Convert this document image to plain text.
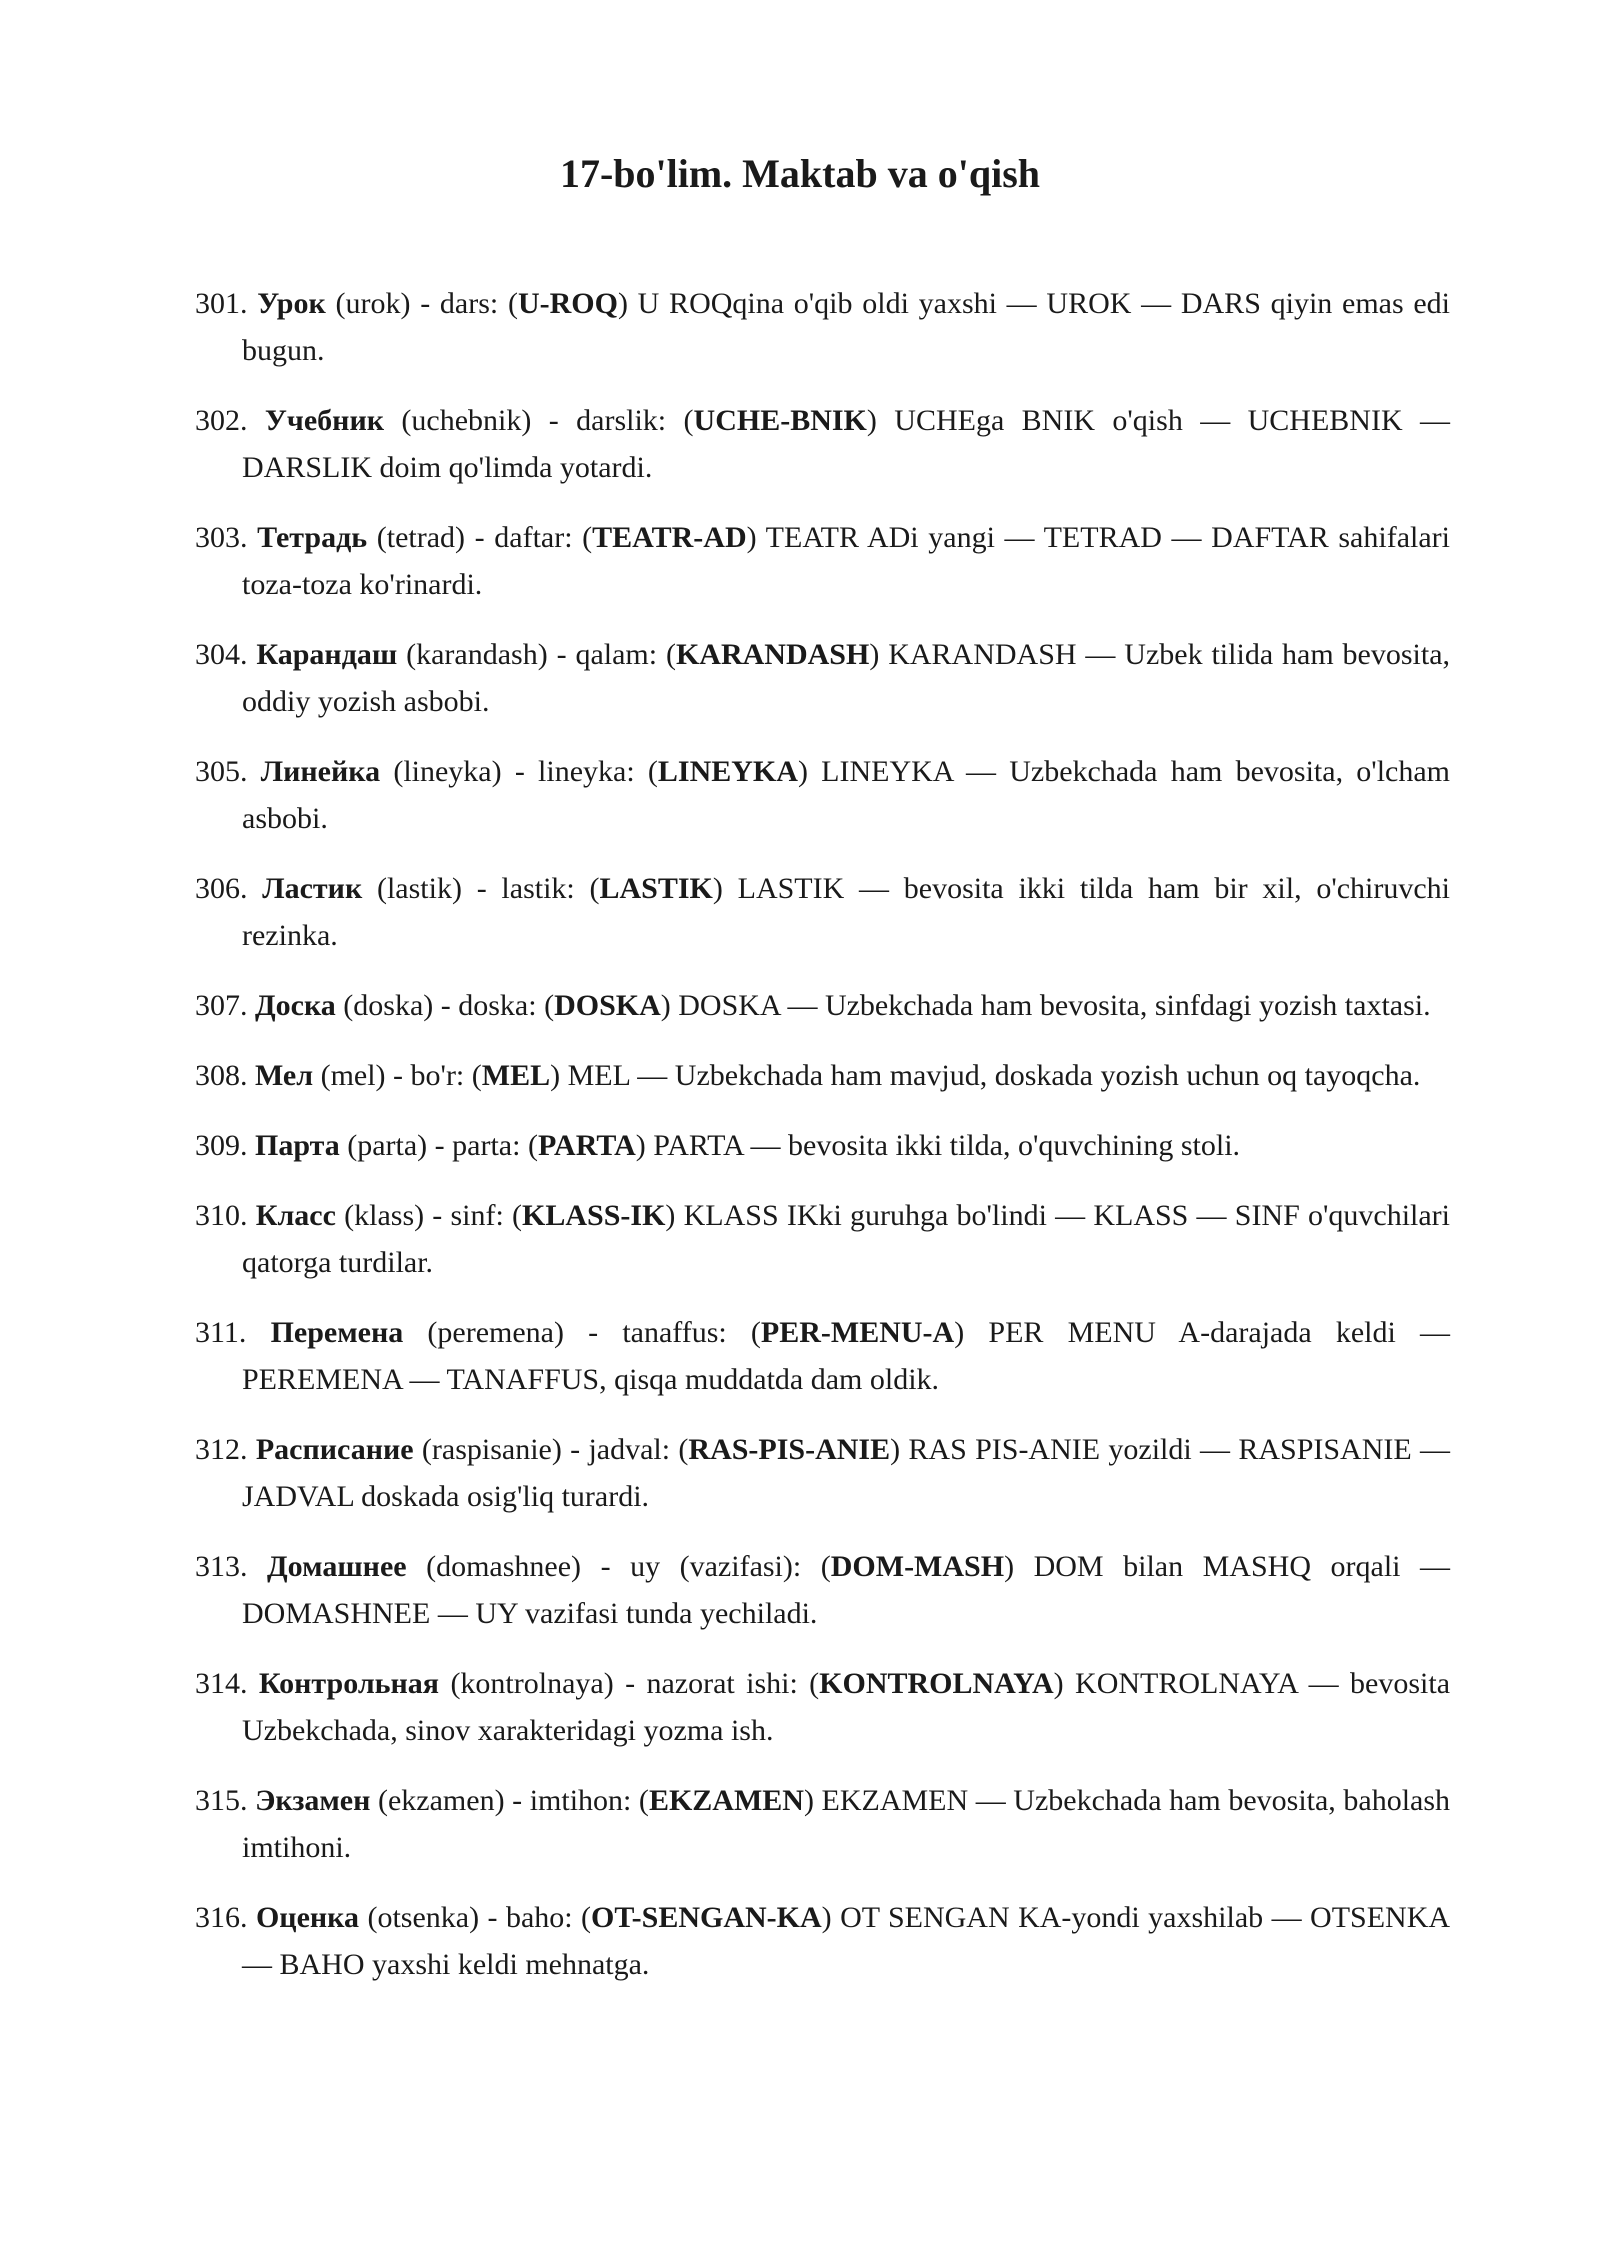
17-bo'lim. Maktab va o'qish

301. Урок (urok) - dars: (U-ROQ) U ROQqina o'qib oldi yaxshi — UROK — DARS qiyin emas edi bugun.

302. Учебник (uchebnik) - darslik: (UCHE-BNIK) UCHEga BNIK o'qish — UCHEBNIK — DARSLIK doim qo'limda yotardi.

303. Тетрадь (tetrad) - daftar: (TEATR-AD) TEATR ADi yangi — TETRAD — DAFTAR sahifalari toza-toza ko'rinardi.

304. Карандаш (karandash) - qalam: (KARANDASH) KARANDASH — Uzbek tilida ham bevosita, oddiy yozish asbobi.

305. Линейка (lineyka) - lineyka: (LINEYKA) LINEYKA — Uzbekchada ham bevosita, o'lcham asbobi.

306. Ластик (lastik) - lastik: (LASTIK) LASTIK — bevosita ikki tilda ham bir xil, o'chiruvchi rezinka.

307. Доска (doska) - doska: (DOSKA) DOSKA — Uzbekchada ham bevosita, sinfdagi yozish taxtasi.

308. Мел (mel) - bo'r: (MEL) MEL — Uzbekchada ham mavjud, doskada yozish uchun oq tayoqcha.

309. Парта (parta) - parta: (PARTA) PARTA — bevosita ikki tilda, o'quvchining stoli.

310. Класс (klass) - sinf: (KLASS-IK) KLASS IKki guruhga bo'lindi — KLASS — SINF o'quvchilari qatorga turdilar.

311. Перемена (peremena) - tanaffus: (PER-MENU-A) PER MENU A-darajada keldi — PEREMENA — TANAFFUS, qisqa muddatda dam oldik.

312. Расписание (raspisanie) - jadval: (RAS-PIS-ANIE) RAS PIS-ANIE yozildi — RASPISANIE — JADVAL doskada osig'liq turardi.

313. Домашнее (domashnee) - uy (vazifasi): (DOM-MASH) DOM bilan MASHQ orqali — DOMASHNEE — UY vazifasi tunda yechiladi.

314. Контрольная (kontrolnaya) - nazorat ishi: (KONTROLNAYA) KONTROLNAYA — bevosita Uzbekchada, sinov xarakteridagi yozma ish.

315. Экзамен (ekzamen) - imtihon: (EKZAMEN) EKZAMEN — Uzbekchada ham bevosita, baholash imtihoni.

316. Оценка (otsenka) - baho: (OT-SENGAN-KA) OT SENGAN KA-yondi yaxshilab — OTSENKA — BAHO yaxshi keldi mehnatga.
